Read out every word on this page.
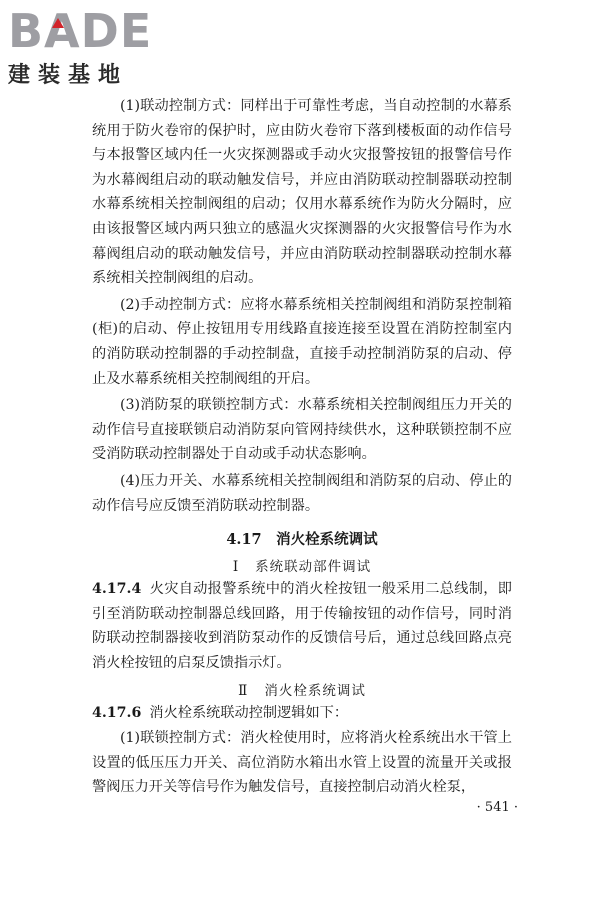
BADE
建装基地

(1)联动控制方式：同样出于可靠性考虑，当自动控制的水幕系统用于防火卷帘的保护时，应由防火卷帘下落到楼板面的动作信号与本报警区域内任一火灾探测器或手动火灾报警按钮的报警信号作为水幕阀组启动的联动触发信号，并应由消防联动控制器联动控制水幕系统相关控制阀组的启动；仅用水幕系统作为防火分隔时，应由该报警区域内两只独立的感温火灾探测器的火灾报警信号作为水幕阀组启动的联动触发信号，并应由消防联动控制器联动控制水幕系统相关控制阀组的启动。

(2)手动控制方式：应将水幕系统相关控制阀组和消防泵控制箱(柜)的启动、停止按钮用专用线路直接连接至设置在消防控制室内的消防联动控制器的手动控制盘，直接手动控制消防泵的启动、停止及水幕系统相关控制阀组的开启。

(3)消防泵的联锁控制方式：水幕系统相关控制阀组压力开关的动作信号直接联锁启动消防泵向管网持续供水，这种联锁控制不应受消防联动控制器处于自动或手动状态影响。

(4)压力开关、水幕系统相关控制阀组和消防泵的启动、停止的动作信号应反馈至消防联动控制器。

4.17　消火栓系统调试
Ⅰ 系统联动部件调试

4.17.4 火灾自动报警系统中的消火栓按钮一般采用二总线制，即引至消防联动控制器总线回路，用于传输按钮的动作信号，同时消防联动控制器接收到消防泵动作的反馈信号后，通过总线回路点亮消火栓按钮的启泵反馈指示灯。

Ⅱ 消火栓系统调试

4.17.6 消火栓系统联动控制逻辑如下：

(1)联锁控制方式：消火栓使用时，应将消火栓系统出水干管上设置的低压压力开关、高位消防水箱出水管上设置的流量开关或报警阀压力开关等信号作为触发信号，直接控制启动消火栓泵，

· 541 ·
